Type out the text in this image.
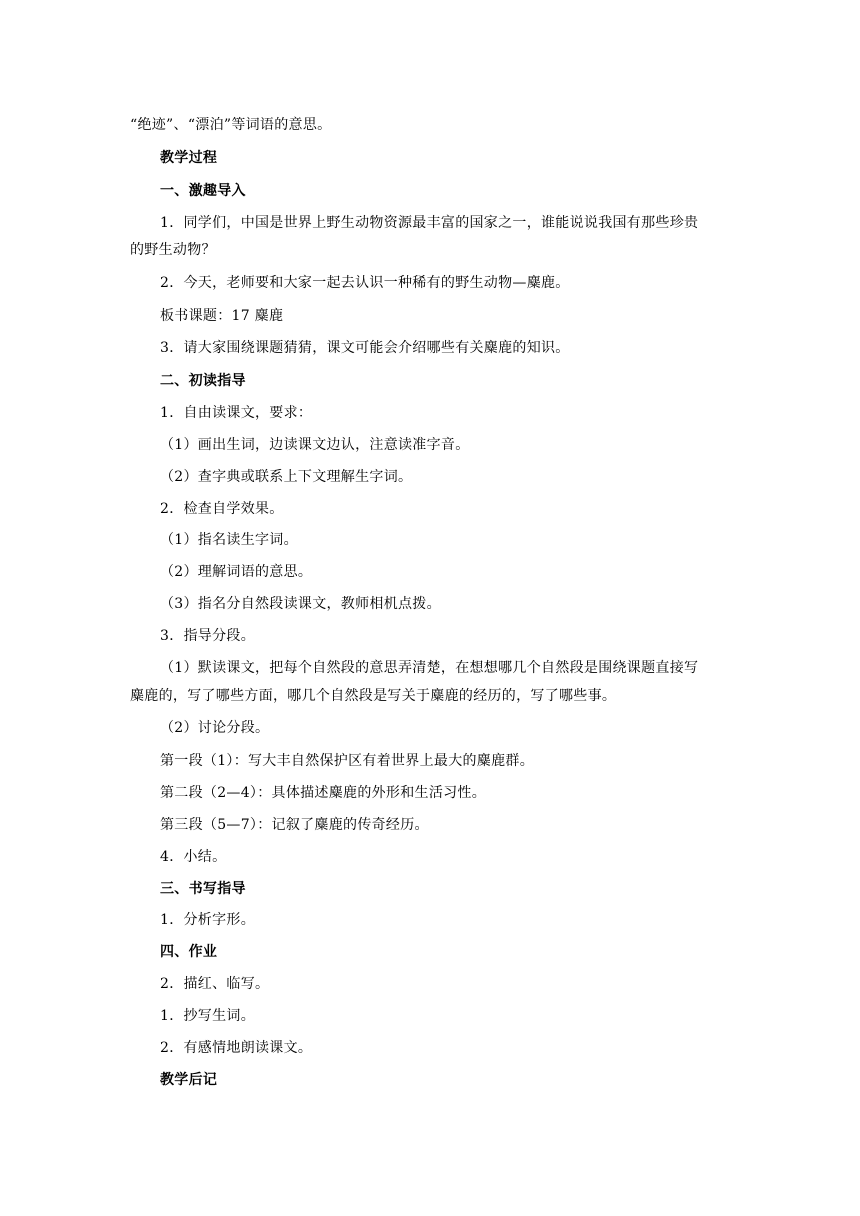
“绝迹”、“漂泊”等词语的意思。
教学过程
一、激趣导入
1．同学们，中国是世界上野生动物资源最丰富的国家之一，谁能说说我国有那些珍贵
的野生动物？
2．今天，老师要和大家一起去认识一种稀有的野生动物—麋鹿。
板书课题：17 麋鹿
3．请大家围绕课题猜猜，课文可能会介绍哪些有关麋鹿的知识。
二、初读指导
1．自由读课文，要求：
（1）画出生词，边读课文边认，注意读准字音。
（2）查字典或联系上下文理解生字词。
2．检查自学效果。
（1）指名读生字词。
（2）理解词语的意思。
（3）指名分自然段读课文，教师相机点拨。
3．指导分段。
（1）默读课文，把每个自然段的意思弄清楚，在想想哪几个自然段是围绕课题直接写
麋鹿的，写了哪些方面，哪几个自然段是写关于麋鹿的经历的，写了哪些事。
（2）讨论分段。
第一段（1）：写大丰自然保护区有着世界上最大的麋鹿群。
第二段（2—4）：具体描述麋鹿的外形和生活习性。
第三段（5—7）：记叙了麋鹿的传奇经历。
4．小结。
三、书写指导
1．分析字形。
四、作业
2．描红、临写。
1．抄写生词。
2．有感情地朗读课文。
教学后记
